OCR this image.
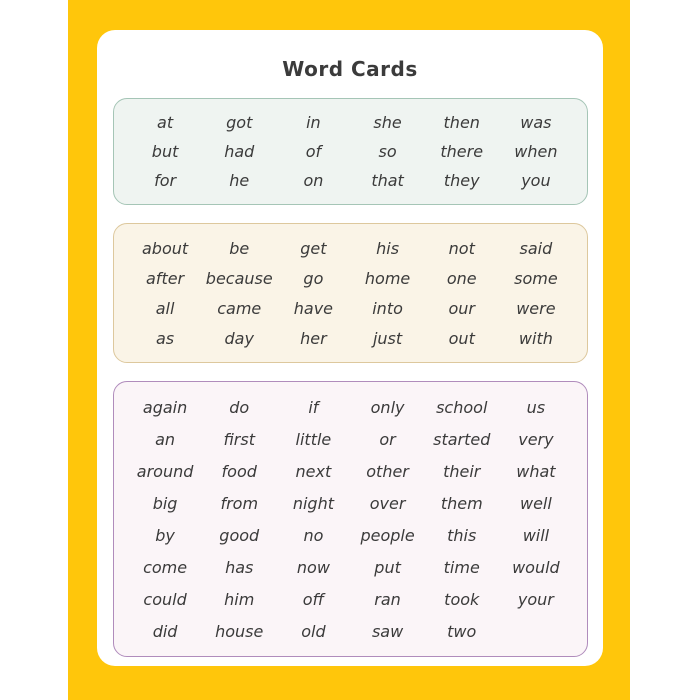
Word Cards
at	got	in	she	then	was
but	had	of	so	there	when
for	he	on	that	they	you
about	be	get	his	not	said
after	because	go	home	one	some
all	came	have	into	our	were
as	day	her	just	out	with
again	do	if	only	school	us
an	first	little	or	started	very
around	food	next	other	their	what
big	from	night	over	them	well
by	good	no	people	this	will
come	has	now	put	time	would
could	him	off	ran	took	your
did	house	old	saw	two
